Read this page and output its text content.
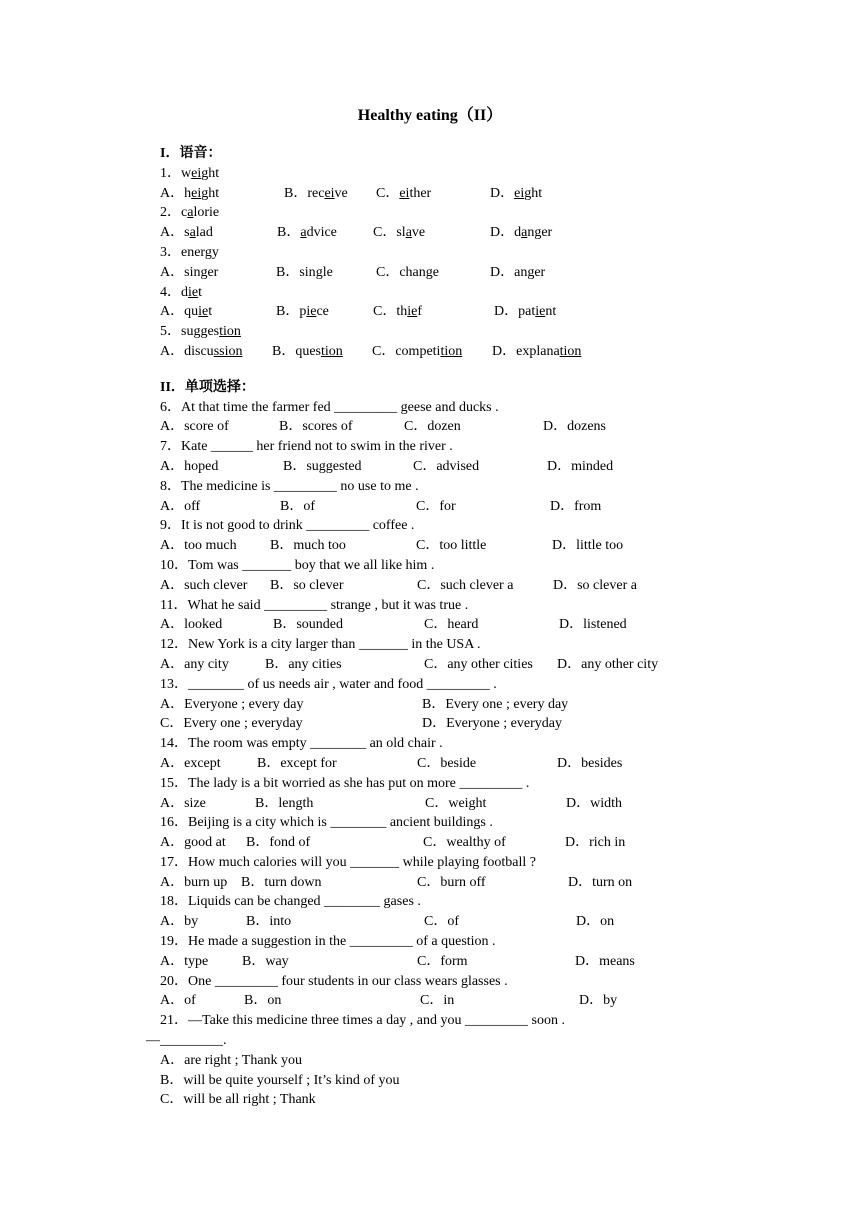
Healthy eating（II）
I．语音：
1．weight
A．height	B．receive C．either	D．eight
2．calorie
A．salad	B．advice	C．slave	D．danger
3．energy
A．singer	B．single	C．change	D．anger
4．diet
A．quiet	B．piece	C．thief	D．patient
5．suggestion
A．discussion B．question C．competition D．explanation
II．单项选择：
6．At that time the farmer fed _________ geese and ducks .
A．score of	B．scores of	C．dozen	D．dozens
7．Kate ______ her friend not to swim in the river .
A．hoped	B．suggested	C．advised	D．minded
8．The medicine is _________ no use to me .
A．off	B．of	C．for	D．from
9．It is not good to drink _________ coffee .
A．too much B．much too	C．too little	D．little too
10．Tom was _______ boy that we all like him .
A．such clever B．so clever	C．such clever a	D．so clever a
11．What he said _________ strange , but it was true .
A．looked	B．sounded	C．heard	D．listened
12．New York is a city larger than _______ in the USA .
A．any city	B．any cities	C．any other cities D．any other city
13．________ of us needs air , water and food _________ .
A．Everyone ; every day	B．Every one ; every day
C．Every one ; everyday	D．Everyone ; everyday
14．The room was empty ________ an old chair .
A．except	B．except for	C．beside	D．besides
15．The lady is a bit worried as she has put on more _________ .
A．size	B．length	C．weight	D．width
16．Beijing is a city which is ________ ancient buildings .
A．good at B．fond of	C．wealthy of	D．rich in
17．How much calories will you _______ while playing football ?
A．burn up B．turn down	C．burn off	D．turn on
18．Liquids can be changed ________ gases .
A．by	B．into	C．of	D．on
19．He made a suggestion in the _________ of a question .
A．type B．way	C．form	D．means
20．One _________ four students in our class wears glasses .
A．of	B．on	C．in	D．by
21．—Take this medicine three times a day , and you _________ soon .
—_________.
A．are right ; Thank you
B．will be quite yourself ; It’s kind of you
C．will be all right ; Thank
